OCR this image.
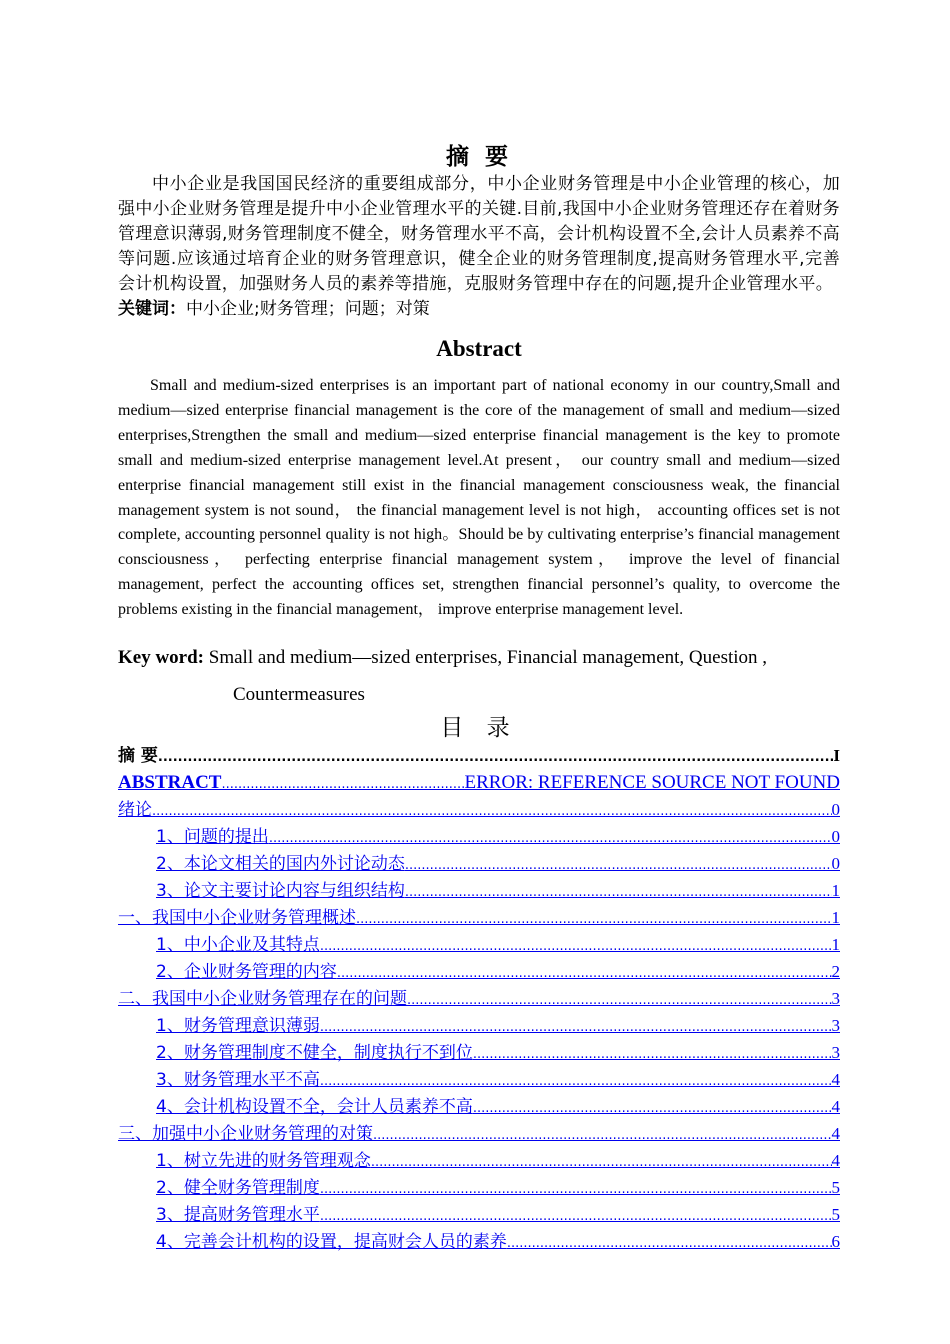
摘 要

中小企业是我国国民经济的重要组成部分，中小企业财务管理是中小企业管理的核心，加强中小企业财务管理是提升中小企业管理水平的关键.目前,我国中小企业财务管理还存在着财务管理意识薄弱,财务管理制度不健全，财务管理水平不高，会计机构设置不全,会计人员素养不高等问题.应该通过培育企业的财务管理意识，健全企业的财务管理制度,提高财务管理水平,完善会计机构设置，加强财务人员的素养等措施，克服财务管理中存在的问题,提升企业管理水平。

关键词：中小企业;财务管理；问题；对策

Abstract

Small and medium-sized enterprises is an important part of national economy in our country,Small and medium—sized enterprise financial management is the core of the management of small and medium—sized enterprises,Strengthen the small and medium—sized enterprise financial management is the key to promote small and medium-sized enterprise management level.At present， our country small and medium—sized enterprise financial management still exist in the financial management consciousness weak, the financial management system is not sound， the financial management level is not high， accounting offices set is not complete, accounting personnel quality is not high。Should be by cultivating enterprise’s financial management consciousness， perfecting enterprise financial management system， improve the level of financial management, perfect the accounting offices set, strengthen financial personnel’s quality, to overcome the problems existing in the financial management， improve enterprise management level.

Key word: Small and medium—sized enterprises, Financial management, Question ,
Countermeasures

目 录
摘 要 .....	I
ABSTRACT .....	ERROR: REFERENCE SOURCE NOT FOUND
绪论 .....	0
1、问题的提出 .....	0
2、本论文相关的国内外讨论动态 .....	0
3、论文主要讨论内容与组织结构 .....	1
一、我国中小企业财务管理概述 .....	1
1、中小企业及其特点 .....	1
2、企业财务管理的内容 .....	2
二、我国中小企业财务管理存在的问题 .....	3
1、财务管理意识薄弱 .....	3
2、财务管理制度不健全，制度执行不到位 .....	3
3、财务管理水平不高 .....	4
4、会计机构设置不全，会计人员素养不高 .....	4
三、加强中小企业财务管理的对策 .....	4
1、树立先进的财务管理观念 .....	4
2、健全财务管理制度 .....	5
3、提高财务管理水平 .....	5
4、完善会计机构的设置，提高财会人员的素养 .....	6
